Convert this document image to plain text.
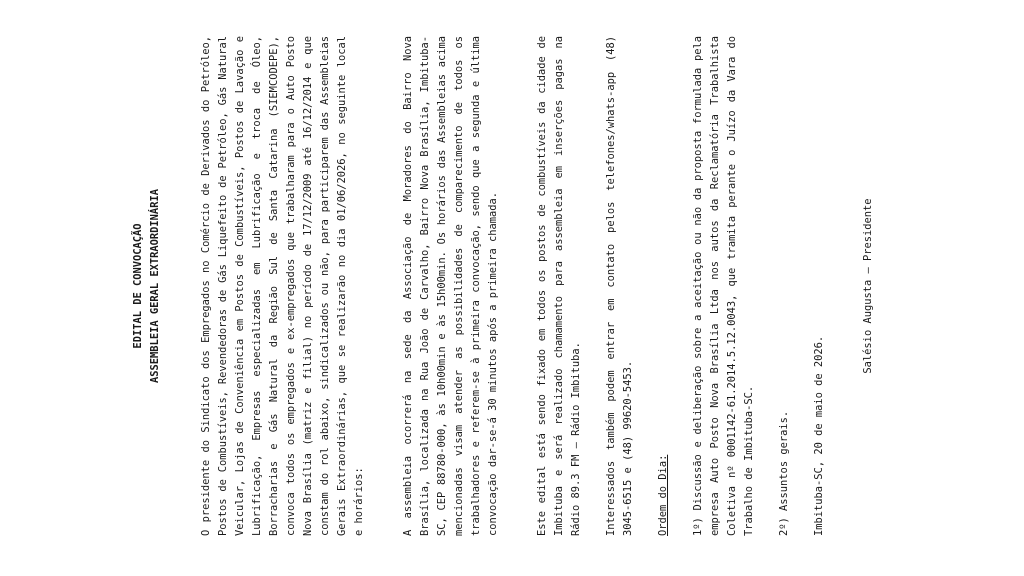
EDITAL DE CONVOCAÇÃO ASSEMBLEIA GERAL EXTRAORDINÁRIA	O presidente do Sindicato dos Empregados no Comércio de Derivados do Petróleo, Postos de Combustíveis, Revendedoras de Gás Liquefeito de Petróleo, Gás Natural Veicular, Lojas de Conveniência em Postos de Combustíveis, Postos de Lavação e Lubrificação, Empresas especializadas em Lubrificação e troca de Óleo, Borracharias e Gás Natural da Região Sul de Santa Catarina (SIEMCODEPE), convoca todos os empregados e ex-empregados que trabalharam para o Auto Posto Nova Brasília (matriz e filial) no período de 17/12/2009 até 16/12/2014 e que constam do rol abaixo, sindicalizados ou não, para participarem das Assembleias Gerais Extraordinárias, que se realizarão no dia 01/06/2026, no seguinte local e horários:	A assembleia ocorrerá na sede da Associação de Moradores do Bairro Nova Brasília, localizada na Rua João de Carvalho, Bairro Nova Brasília, Imbituba-SC, CEP 88780-000, às 10h00min e às 15h00min. Os horários das Assembleias acima mencionadas visam atender as possibilidades de comparecimento de todos os trabalhadores e referem-se à primeira convocação, sendo que a segunda e última convocação dar-se-á 30 minutos após a primeira chamada.	Este edital está sendo fixado em todos os postos de combustíveis da cidade de Imbituba e será realizado chamamento para assembleia em inserções pagas na Rádio 89.3 FM – Rádio Imbituba. Interessados também podem entrar em contato pelos telefones/whats-app (48) 3045-6515 e (48) 99620-5453. Ordem do Dia: 1º) Discussão e deliberação sobre a aceitação ou não da proposta formulada pela empresa Auto Posto Nova Brasília Ltda nos autos da Reclamatória Trabalhista Coletiva nº 0001142-61.2014.5.12.0043, que tramita perante o Juízo da Vara do Trabalho de Imbituba-SC. 2º) Assuntos gerais. Imbituba-SC, 20 de maio de 2026.

Salésio Augusta – Presidente
